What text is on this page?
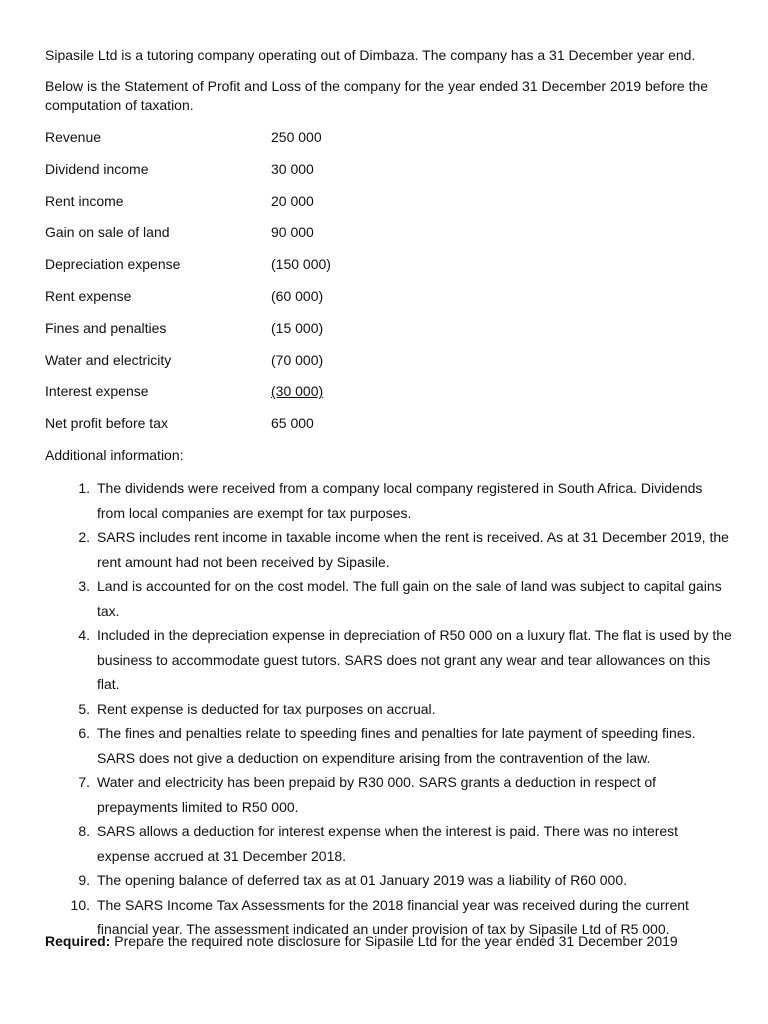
Sipasile Ltd is a tutoring company operating out of Dimbaza. The company has a 31 December year end.

Below is the Statement of Profit and Loss of the company for the year ended 31 December 2019 before the computation of taxation.

Revenue	250 000
Dividend income	30 000
Rent income	20 000
Gain on sale of land	90 000
Depreciation expense	(150 000)
Rent expense	(60 000)
Fines and penalties	(15 000)
Water and electricity	(70 000)
Interest expense	(30 000)
Net profit before tax	65 000
Additional information:
1. The dividends were received from a company local company registered in South Africa. Dividends from local companies are exempt for tax purposes.
2. SARS includes rent income in taxable income when the rent is received. As at 31 December 2019, the rent amount had not been received by Sipasile.
3. Land is accounted for on the cost model. The full gain on the sale of land was subject to capital gains tax.
4. Included in the depreciation expense in depreciation of R50 000 on a luxury flat. The flat is used by the business to accommodate guest tutors. SARS does not grant any wear and tear allowances on this flat.
5. Rent expense is deducted for tax purposes on accrual.
6. The fines and penalties relate to speeding fines and penalties for late payment of speeding fines. SARS does not give a deduction on expenditure arising from the contravention of the law.
7. Water and electricity has been prepaid by R30 000. SARS grants a deduction in respect of prepayments limited to R50 000.
8. SARS allows a deduction for interest expense when the interest is paid. There was no interest expense accrued at 31 December 2018.
9. The opening balance of deferred tax as at 01 January 2019 was a liability of R60 000.
10. The SARS Income Tax Assessments for the 2018 financial year was received during the current financial year. The assessment indicated an under provision of tax by Sipasile Ltd of R5 000.
Required: Prepare the required note disclosure for Sipasile Ltd for the year ended 31 December 2019
